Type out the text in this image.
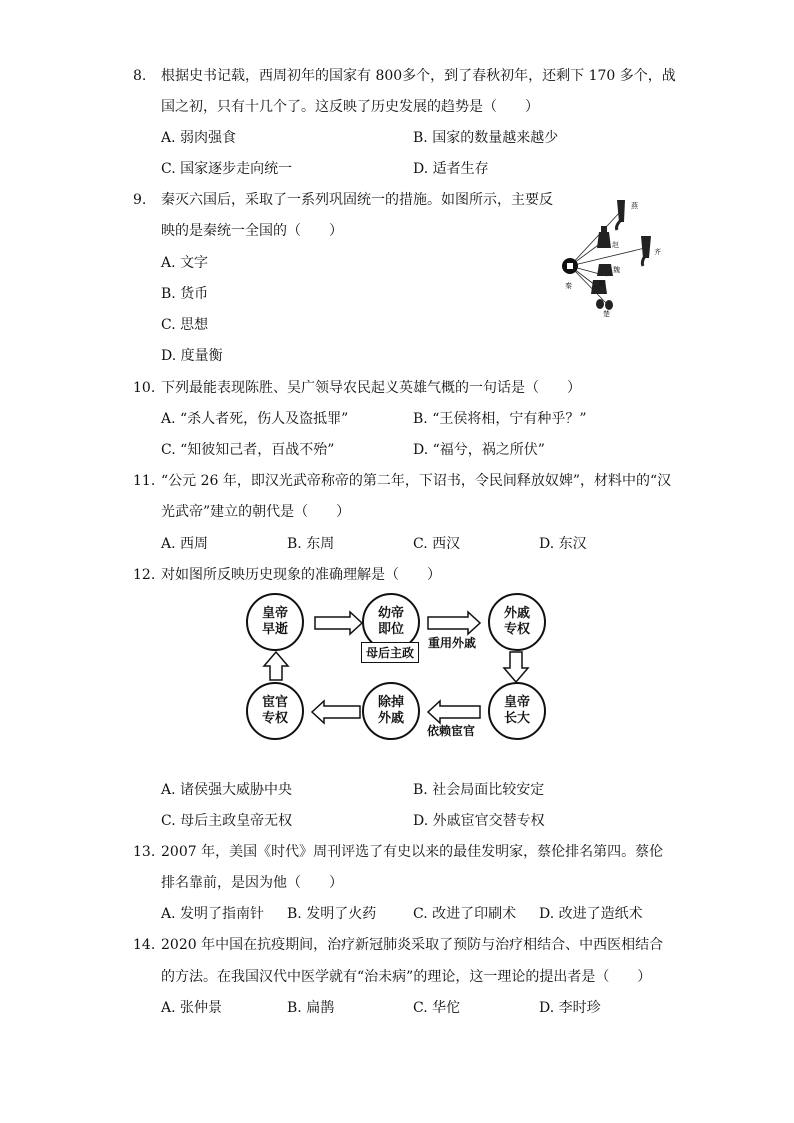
8. 根据史书记载，西周初年的国家有 800多个，到了春秋初年，还剩下 170 多个，战
国之初，只有十几个了。这反映了历史发展的趋势是（　　）
A. 弱肉强食	B. 国家的数量越来越少
C. 国家逐步走向统一	D. 适者生存
9. 秦灭六国后，采取了一系列巩固统一的措施。如图所示，主要反
映的是秦统一全国的（　　）
A. 文字
B. 货币
C. 思想
D. 度量衡
燕
赵
齐
魏
韩
秦
楚
10. 下列最能表现陈胜、吴广领导农民起义英雄气概的一句话是（　　）
A. “杀人者死，伤人及盗抵罪”	B. “王侯将相，宁有种乎？”
C. “知彼知己者，百战不殆”	D. “福兮，祸之所伏”
11. “公元 26 年，即汉光武帝称帝的第二年，下诏书，令民间释放奴婢”，材料中的“汉
光武帝”建立的朝代是（　　）
A. 西周	B. 东周	C. 西汉	D. 东汉
12. 对如图所反映历史现象的准确理解是（　　）
皇帝
早逝
幼帝
即位
外戚
专权
皇帝
长大
除掉
外戚
宦官
专权
母后主政
重用外戚
依赖宦官
A. 诸侯强大威胁中央	B. 社会局面比较安定
C. 母后主政皇帝无权	D. 外戚宦官交替专权
13. 2007 年，美国《时代》周刊评选了有史以来的最佳发明家，蔡伦排名第四。蔡伦
排名靠前，是因为他（　　）
A. 发明了指南针 B. 发明了火药	C. 改进了印刷术 D. 改进了造纸术
14. 2020 年中国在抗疫期间，治疗新冠肺炎采取了预防与治疗相结合、中西医相结合
的方法。在我国汉代中医学就有“治未病”的理论，这一理论的提出者是（　　）
A. 张仲景	B. 扁鹊	C. 华佗	D. 李时珍
